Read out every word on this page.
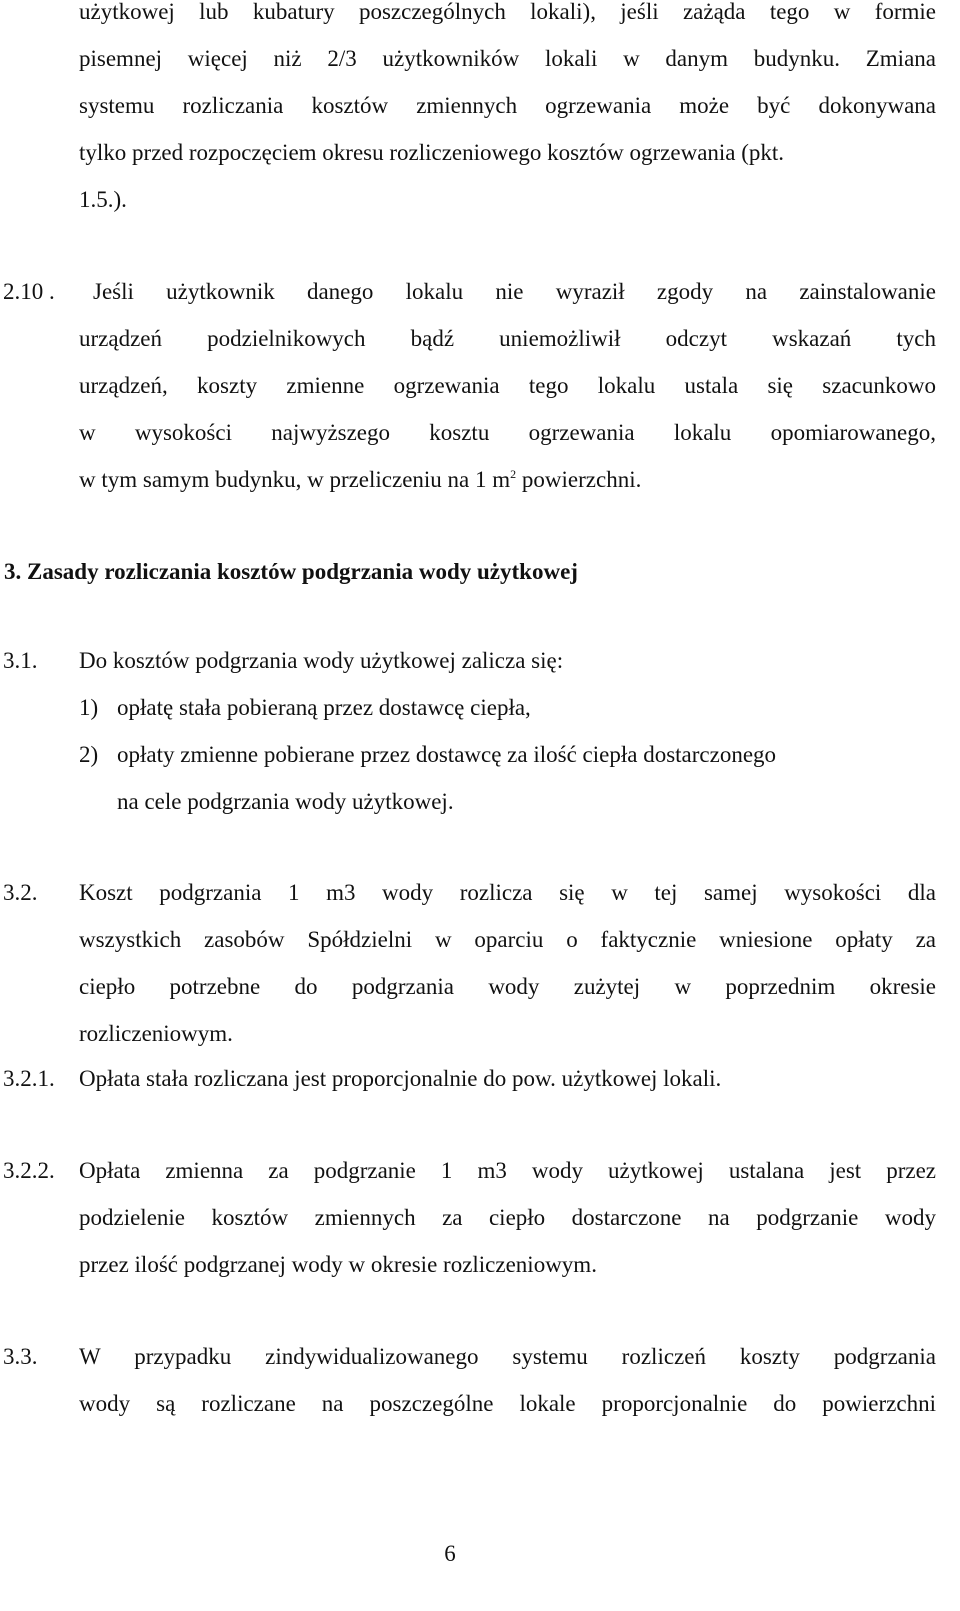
użytkowej lub kubatury poszczególnych lokali), jeśli zażąda tego w formie
pisemnej więcej niż 2/3 użytkowników lokali w danym budynku. Zmiana
systemu rozliczania kosztów zmiennych ogrzewania może być dokonywana
tylko przed rozpoczęciem okresu rozliczeniowego kosztów ogrzewania (pkt.
1.5.).
2.10 .	Jeśli użytkownik danego lokalu nie wyraził zgody na zainstalowanie
urządzeń podzielnikowych bądź uniemożliwił odczyt wskazań tych
urządzeń, koszty zmienne ogrzewania tego lokalu ustala się szacunkowo
w wysokości najwyższego kosztu ogrzewania lokalu opomiarowanego,
w tym samym budynku, w przeliczeniu na 1 $m^2$ powierzchni.
3. Zasady rozliczania kosztów podgrzania wody użytkowej
3.1. Do kosztów podgrzania wody użytkowej zalicza się:
1) opłatę stała pobieraną przez dostawcę ciepła,
2) opłaty zmienne pobierane przez dostawcę za ilość ciepła dostarczonego
na cele podgrzania wody użytkowej.
3.2. Koszt podgrzania 1 m3 wody rozlicza się w tej samej wysokości dla
wszystkich zasobów Spółdzielni w oparciu o faktycznie wniesione opłaty za
ciepło potrzebne do podgrzania wody zużytej w poprzednim okresie
rozliczeniowym.
3.2.1. Opłata stała rozliczana jest proporcjonalnie do pow. użytkowej lokali.
3.2.2. Opłata zmienna za podgrzanie 1 m3 wody użytkowej ustalana jest przez
podzielenie kosztów zmiennych za ciepło dostarczone na podgrzanie wody
przez ilość podgrzanej wody w okresie rozliczeniowym.
3.3. W przypadku zindywidualizowanego systemu rozliczeń koszty podgrzania
wody są rozliczane na poszczególne lokale proporcjonalnie do powierzchni
6
